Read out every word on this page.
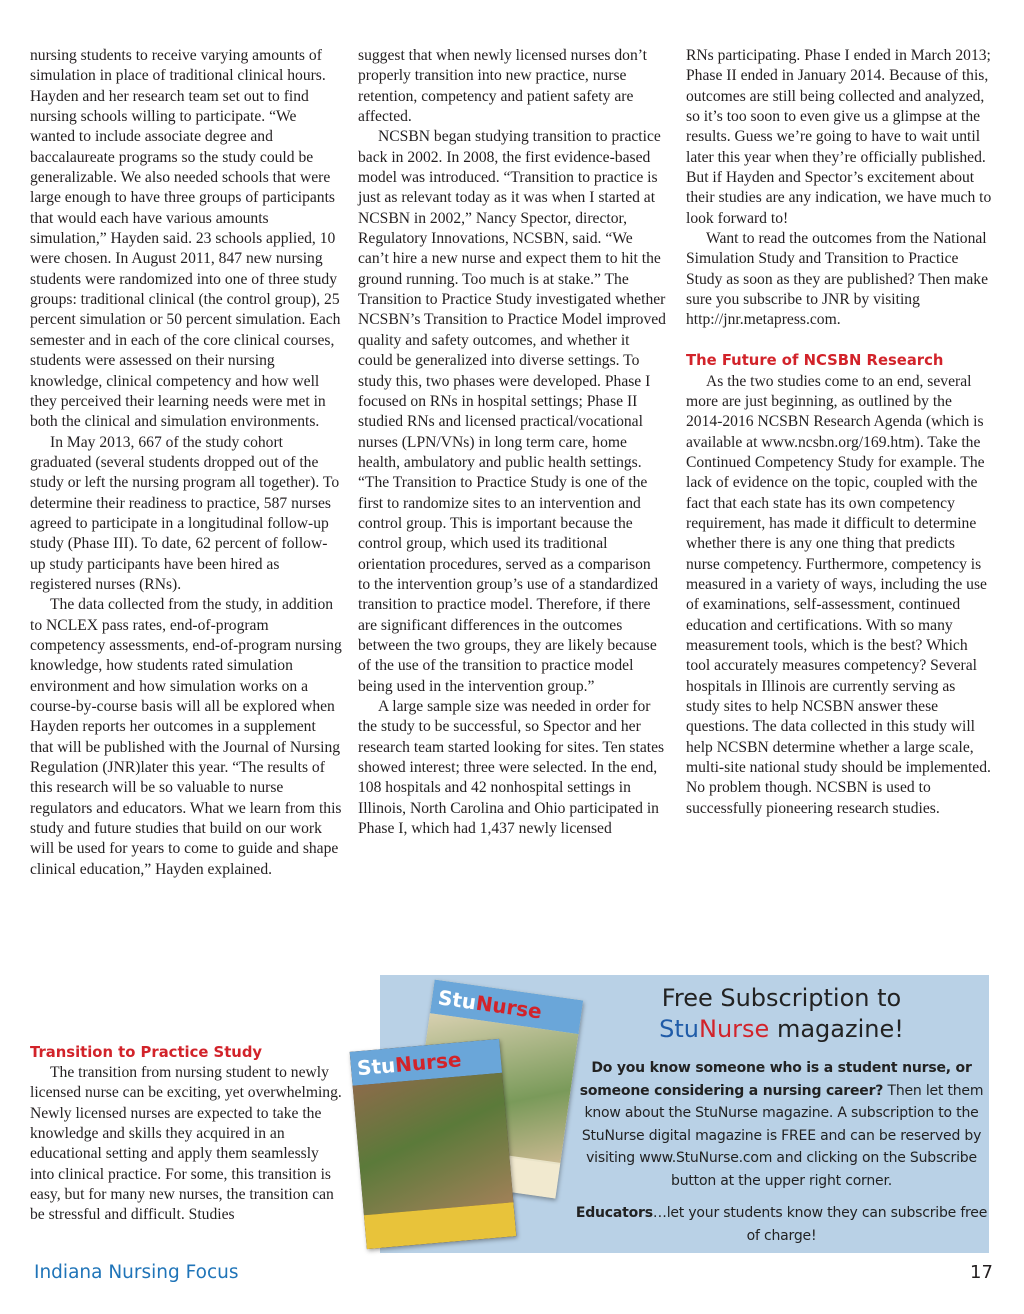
nursing students to receive varying amounts of simulation in place of traditional clinical hours. Hayden and her research team set out to find nursing schools willing to participate. “We wanted to include associate degree and baccalaureate programs so the study could be generalizable. We also needed schools that were large enough to have three groups of participants that would each have various amounts simulation,” Hayden said. 23 schools applied, 10 were chosen. In August 2011, 847 new nursing students were randomized into one of three study groups: traditional clinical (the control group), 25 percent simulation or 50 percent simulation. Each semester and in each of the core clinical courses, students were assessed on their nursing knowledge, clinical competency and how well they perceived their learning needs were met in both the clinical and simulation environments.

In May 2013, 667 of the study cohort graduated (several students dropped out of the study or left the nursing program all together). To determine their readiness to practice, 587 nurses agreed to participate in a longitudinal follow-up study (Phase III). To date, 62 percent of follow-up study participants have been hired as registered nurses (RNs).

The data collected from the study, in addition to NCLEX pass rates, end-of-program competency assessments, end-of-program nursing knowledge, how students rated simulation environment and how simulation works on a course-by-course basis will all be explored when Hayden reports her outcomes in a supplement that will be published with the Journal of Nursing Regulation (JNR)later this year. “The results of this research will be so valuable to nurse regulators and educators. What we learn from this study and future studies that build on our work will be used for years to come to guide and shape clinical education,” Hayden explained.

Transition to Practice Study

The transition from nursing student to newly licensed nurse can be exciting, yet overwhelming. Newly licensed nurses are expected to take the knowledge and skills they acquired in an educational setting and apply them seamlessly into clinical practice. For some, this transition is easy, but for many new nurses, the transition can be stressful and difficult. Studies

suggest that when newly licensed nurses don’t properly transition into new practice, nurse retention, competency and patient safety are affected.

NCSBN began studying transition to practice back in 2002. In 2008, the first evidence-based model was introduced. “Transition to practice is just as relevant today as it was when I started at NCSBN in 2002,” Nancy Spector, director, Regulatory Innovations, NCSBN, said. “We can’t hire a new nurse and expect them to hit the ground running. Too much is at stake.” The Transition to Practice Study investigated whether NCSBN’s Transition to Practice Model improved quality and safety outcomes, and whether it could be generalized into diverse settings. To study this, two phases were developed. Phase I focused on RNs in hospital settings; Phase II studied RNs and licensed practical/vocational nurses (LPN/VNs) in long term care, home health, ambulatory and public health settings. “The Transition to Practice Study is one of the first to randomize sites to an intervention and control group. This is important because the control group, which used its traditional orientation procedures, served as a comparison to the intervention group’s use of a standardized transition to practice model. Therefore, if there are significant differences in the outcomes between the two groups, they are likely because of the use of the transition to practice model being used in the intervention group.”

A large sample size was needed in order for the study to be successful, so Spector and her research team started looking for sites. Ten states showed interest; three were selected. In the end, 108 hospitals and 42 nonhospital settings in Illinois, North Carolina and Ohio participated in Phase I, which had 1,437 newly licensed

RNs participating. Phase I ended in March 2013; Phase II ended in January 2014. Because of this, outcomes are still being collected and analyzed, so it’s too soon to even give us a glimpse at the results. Guess we’re going to have to wait until later this year when they’re officially published. But if Hayden and Spector’s excitement about their studies are any indication, we have much to look forward to!

Want to read the outcomes from the National Simulation Study and Transition to Practice Study as soon as they are published? Then make sure you subscribe to JNR by visiting http://jnr.metapress.com.

The Future of NCSBN Research

As the two studies come to an end, several more are just beginning, as outlined by the 2014-2016 NCSBN Research Agenda (which is available at www.ncsbn.org/169.htm). Take the Continued Competency Study for example. The lack of evidence on the topic, coupled with the fact that each state has its own competency requirement, has made it difficult to determine whether there is any one thing that predicts nurse competency. Furthermore, competency is measured in a variety of ways, including the use of examinations, self-assessment, continued education and certifications. With so many measurement tools, which is the best? Which tool accurately measures competency? Several hospitals in Illinois are currently serving as study sites to help NCSBN answer these questions. The data collected in this study will help NCSBN determine whether a large scale, multi-site national study should be implemented. No problem though. NCSBN is used to successfully pioneering research studies.

StuNurse
StuNurse
Free Subscription to
StuNurse magazine!

Do you know someone who is a student nurse, or someone considering a nursing career? Then let them know about the StuNurse magazine. A subscription to the StuNurse digital magazine is FREE and can be reserved by visiting www.StuNurse.com and clicking on the Subscribe button at the upper right corner.

Educators…let your students know they can subscribe free of charge!

Indiana Nursing Focus	17
